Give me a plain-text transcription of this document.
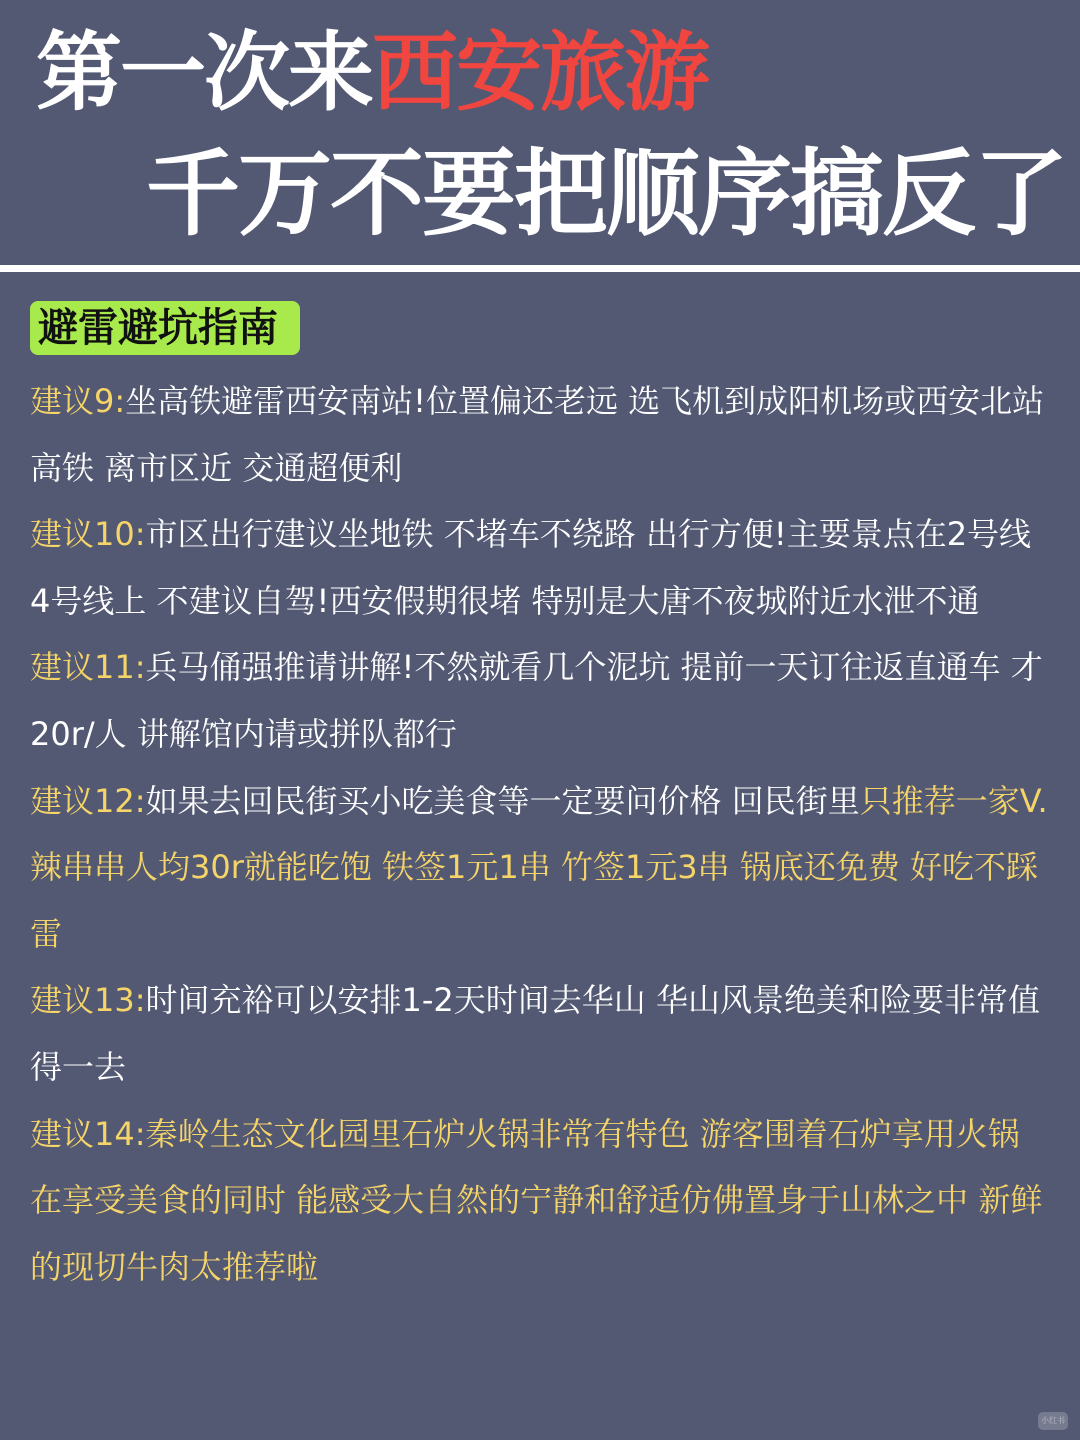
第一次来西安旅游
千万不要把顺序搞反了
避雷避坑指南

建议9:坐高铁避雷西安南站!位置偏还老远 选飞机到成阳机场或西安北站高铁 离市区近 交通超便利

建议10:市区出行建议坐地铁 不堵车不绕路 出行方便!主要景点在2号线 4号线上 不建议自驾!西安假期很堵 特别是大唐不夜城附近水泄不通

建议11:兵马俑强推请讲解!不然就看几个泥坑 提前一天订往返直通车 才 20r/人 讲解馆内请或拼队都行

建议12:如果去回民街买小吃美食等一定要问价格 回民街里只推荐一家V.辣串串人均30r就能吃饱 铁签1元1串 竹签1元3串 锅底还免费 好吃不踩雷

建议13:时间充裕可以安排1-2天时间去华山 华山风景绝美和险要非常值得一去

建议14:秦岭生态文化园里石炉火锅非常有特色 游客围着石炉享用火锅 在享受美食的同时 能感受大自然的宁静和舒适仿佛置身于山林之中 新鲜的现切牛肉太推荐啦

小红书
